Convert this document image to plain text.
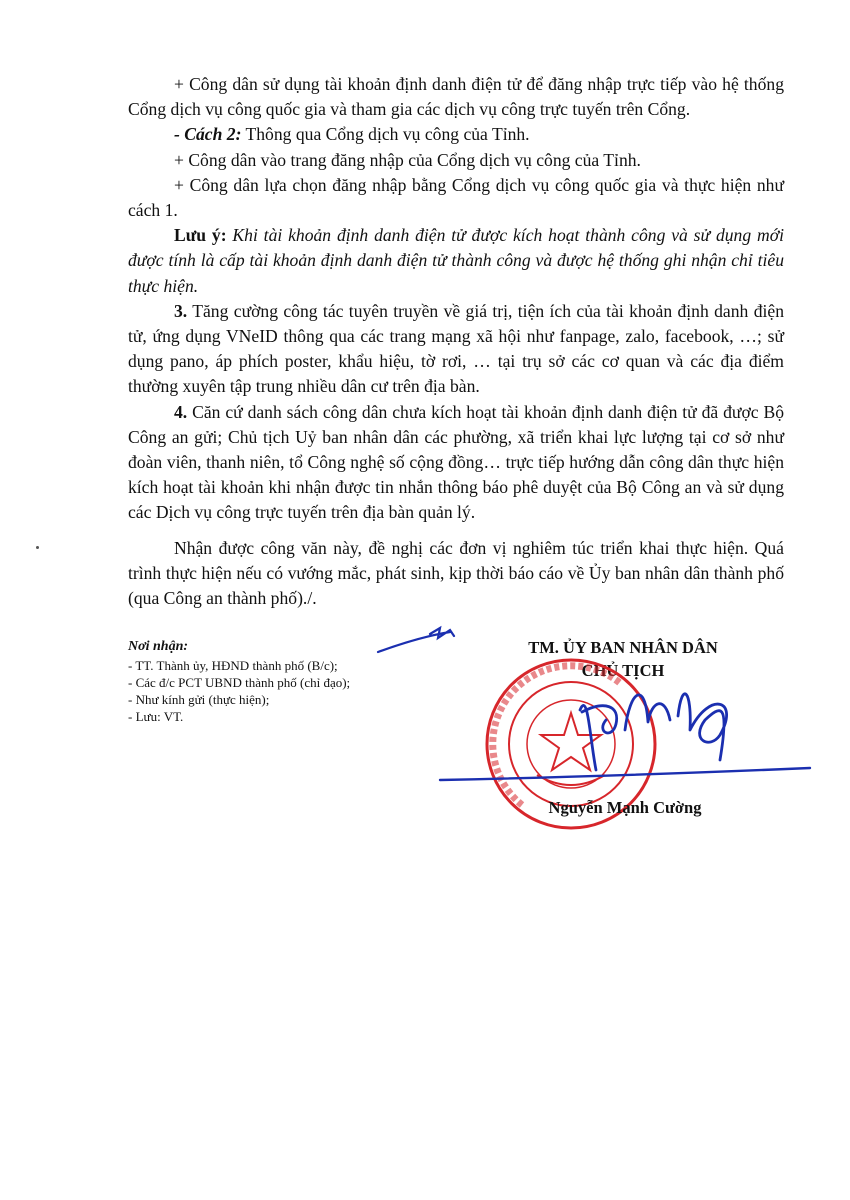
+ Công dân sử dụng tài khoản định danh điện tử để đăng nhập trực tiếp vào hệ thống Cổng dịch vụ công quốc gia và tham gia các dịch vụ công trực tuyến trên Cổng.

- Cách 2: Thông qua Cổng dịch vụ công của Tỉnh.

+ Công dân vào trang đăng nhập của Cổng dịch vụ công của Tỉnh.

+ Công dân lựa chọn đăng nhập bằng Cổng dịch vụ công quốc gia và thực hiện như cách 1.

Lưu ý: Khi tài khoản định danh điện tử được kích hoạt thành công và sử dụng mới được tính là cấp tài khoản định danh điện tử thành công và được hệ thống ghi nhận chỉ tiêu thực hiện.

3. Tăng cường công tác tuyên truyền về giá trị, tiện ích của tài khoản định danh điện tử, ứng dụng VNeID thông qua các trang mạng xã hội như fanpage, zalo, facebook, …; sử dụng pano, áp phích poster, khẩu hiệu, tờ rơi, … tại trụ sở các cơ quan và các địa điểm thường xuyên tập trung nhiều dân cư trên địa bàn.

4. Căn cứ danh sách công dân chưa kích hoạt tài khoản định danh điện tử đã được Bộ Công an gửi; Chủ tịch Uỷ ban nhân dân các phường, xã triển khai lực lượng tại cơ sở như đoàn viên, thanh niên, tổ Công nghệ số cộng đồng… trực tiếp hướng dẫn công dân thực hiện kích hoạt tài khoản khi nhận được tin nhắn thông báo phê duyệt của Bộ Công an và sử dụng các Dịch vụ công trực tuyến trên địa bàn quản lý.

Nhận được công văn này, đề nghị các đơn vị nghiêm túc triển khai thực hiện. Quá trình thực hiện nếu có vướng mắc, phát sinh, kịp thời báo cáo về Ủy ban nhân dân thành phố (qua Công an thành phố)./.

Nơi nhận:
- TT. Thành ủy, HĐND thành phố (B/c);
- Các đ/c PCT UBND thành phố (chỉ đạo);
- Như kính gửi (thực hiện);
- Lưu: VT.
TM. ỦY BAN NHÂN DÂN
CHỦ TỊCH
Nguyễn Mạnh Cường
